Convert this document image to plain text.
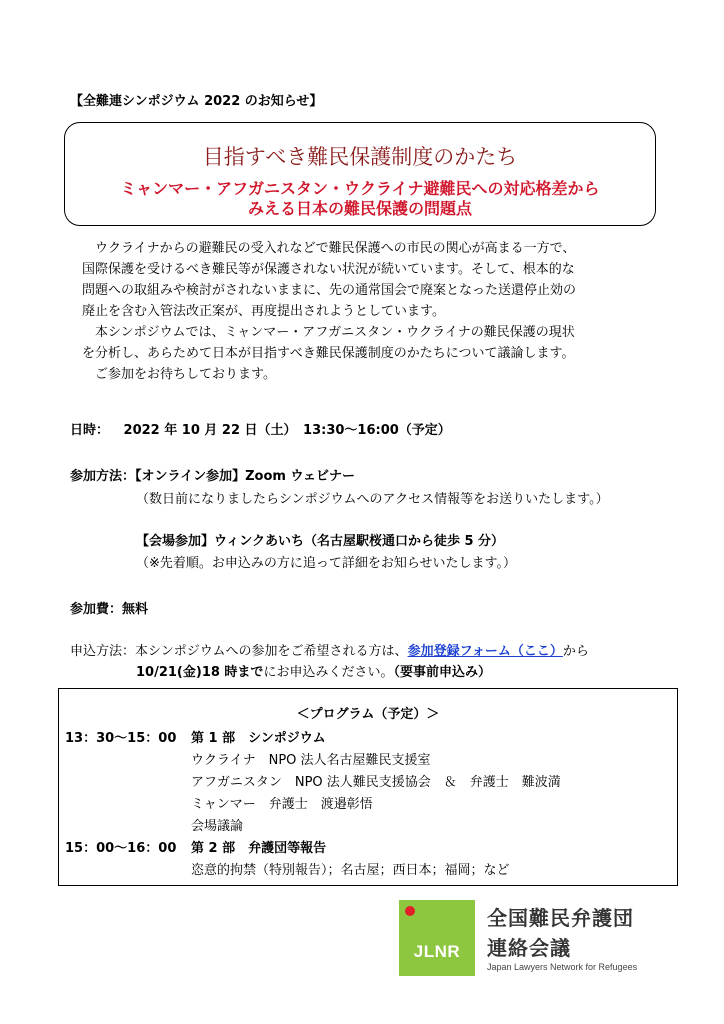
【全難連シンポジウム 2022 のお知らせ】
目指すべき難民保護制度のかたち
ミャンマー・アフガニスタン・ウクライナ避難民への対応格差から
みえる日本の難民保護の問題点

　ウクライナからの避難民の受入れなどで難民保護への市民の関心が高まる一方で、

国際保護を受けるべき難民等が保護されない状況が続いています。そして、根本的な

問題への取組みや検討がされないままに、先の通常国会で廃案となった送還停止効の

廃止を含む入管法改正案が、再度提出されようとしています。

　本シンポジウムでは、ミャンマー・アフガニスタン・ウクライナの難民保護の現状

を分析し、あらためて日本が目指すべき難民保護制度のかたちについて議論します。

　ご参加をお待ちしております。

日時： 2022 年 10 月 22 日（土）　13:30〜16:00（予定）
参加方法：【オンライン参加】Zoom ウェビナー
（数日前になりましたらシンポジウムへのアクセス情報等をお送りいたします。）
【会場参加】ウィンクあいち（名古屋駅桜通口から徒歩 5 分）
（※先着順。お申込みの方に追って詳細をお知らせいたします。）
参加費：無料
申込方法：本シンポジウムへの参加をご希望される方は、参加登録フォーム（ここ）から
10/21(金)18 時までにお申込みください。（要事前申込み）
＜プログラム（予定）＞
13：30〜15：00 第 1 部　シンポジウム
ウクライナ　NPO 法人名古屋難民支援室
アフガニスタン　NPO 法人難民支援協会　＆　弁護士　難波満
ミャンマー　弁護士　渡邉彰悟
会場議論
15：00〜16：00 第 2 部　弁護団等報告
恣意的拘禁（特別報告）；名古屋；西日本；福岡；など
JLNR
全国難民弁護団
連絡会議
Japan Lawyers Network for Refugees
